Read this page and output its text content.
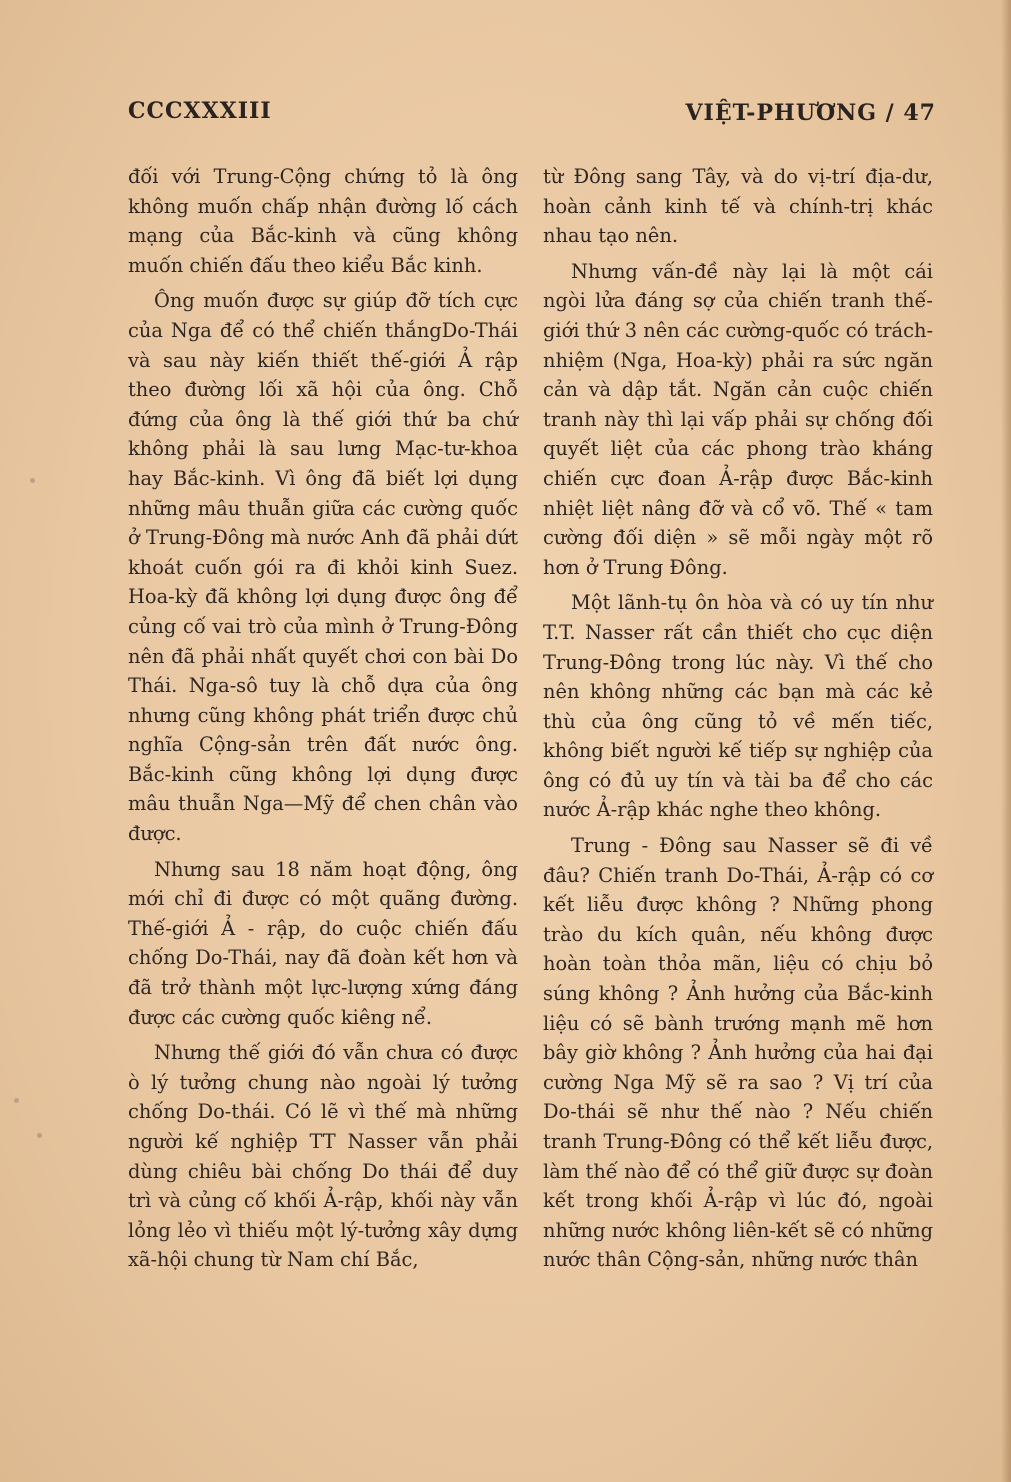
CCCXXXIII	VIỆT-PHƯƠNG / 47

đối với Trung-Cộng chứng tỏ là ông không muốn chấp nhận đường lố cách mạng của Bắc-kinh và cũng không muốn chiến đấu theo kiểu Bắc kinh.

Ông muốn được sự giúp đỡ tích cực của Nga để có thể chiến thắngDo-Thái và sau này kiến thiết thế-giới Ả rập theo đường lối xã hội của ông. Chỗ đứng của ông là thế giới thứ ba chứ không phải là sau lưng Mạc-tư-khoa hay Bắc-kinh. Vì ông đã biết lợi dụng những mâu thuẫn giữa các cường quốc ở Trung-Đông mà nước Anh đã phải dứt khoát cuốn gói ra đi khỏi kinh Suez. Hoa-kỳ đã không lợi dụng được ông để củng cố vai trò của mình ở Trung-Đông nên đã phải nhất quyết chơi con bài Do Thái. Nga-sô tuy là chỗ dựa của ông nhưng cũng không phát triển được chủ nghĩa Cộng-sản trên đất nước ông. Bắc-kinh cũng không lợi dụng được mâu thuẫn Nga—Mỹ để chen chân vào được.

Nhưng sau 18 năm hoạt động, ông mới chỉ đi được có một quãng đường. Thế-giới Ả - rập, do cuộc chiến đấu chống Do-Thái, nay đã đoàn kết hơn và đã trở thành một lực-lượng xứng đáng được các cường quốc kiêng nể.

Nhưng thế giới đó vẫn chưa có được ò lý tưởng chung nào ngoài lý tưởng chống Do-thái. Có lẽ vì thế mà những người kế nghiệp TT Nasser vẫn phải dùng chiêu bài chống Do thái để duy trì và củng cố khối Ả-rập, khối này vẫn lỏng lẻo vì thiếu một lý-tưởng xây dựng xã-hội chung từ Nam chí Bắc,

từ Đông sang Tây, và do vị-trí địa-dư, hoàn cảnh kinh tế và chính-trị khác nhau tạo nên.

Nhưng vấn-đề này lại là một cái ngòi lửa đáng sợ của chiến tranh thế-giới thứ 3 nên các cường-quốc có trách-nhiệm (Nga, Hoa-kỳ) phải ra sức ngăn cản và dập tắt. Ngăn cản cuộc chiến tranh này thì lại vấp phải sự chống đối quyết liệt của các phong trào kháng chiến cực đoan Ả-rập được Bắc-kinh nhiệt liệt nâng đỡ và cổ võ. Thế « tam cường đối diện » sẽ mỗi ngày một rõ hơn ở Trung Đông.

Một lãnh-tụ ôn hòa và có uy tín như T.T. Nasser rất cần thiết cho cục diện Trung-Đông trong lúc này. Vì thế cho nên không những các bạn mà các kẻ thù của ông cũng tỏ về mến tiếc, không biết người kế tiếp sự nghiệp của ông có đủ uy tín và tài ba để cho các nước Ả-rập khác nghe theo không.

Trung - Đông sau Nasser sẽ đi về đâu? Chiến tranh Do-Thái, Ả-rập có cơ kết liễu được không ? Những phong trào du kích quân, nếu không được hoàn toàn thỏa mãn, liệu có chịu bỏ súng không ? Ảnh hưởng của Bắc-kinh liệu có sẽ bành trướng mạnh mẽ hơn bây giờ không ? Ảnh hưởng của hai đại cường Nga Mỹ sẽ ra sao ? Vị trí của Do-thái sẽ như thế nào ? Nếu chiến tranh Trung-Đông có thể kết liễu được, làm thế nào để có thể giữ được sự đoàn kết trong khối Ả-rập vì lúc đó, ngoài những nước không liên-kết sẽ có những nước thân Cộng-sản, những nước thân
